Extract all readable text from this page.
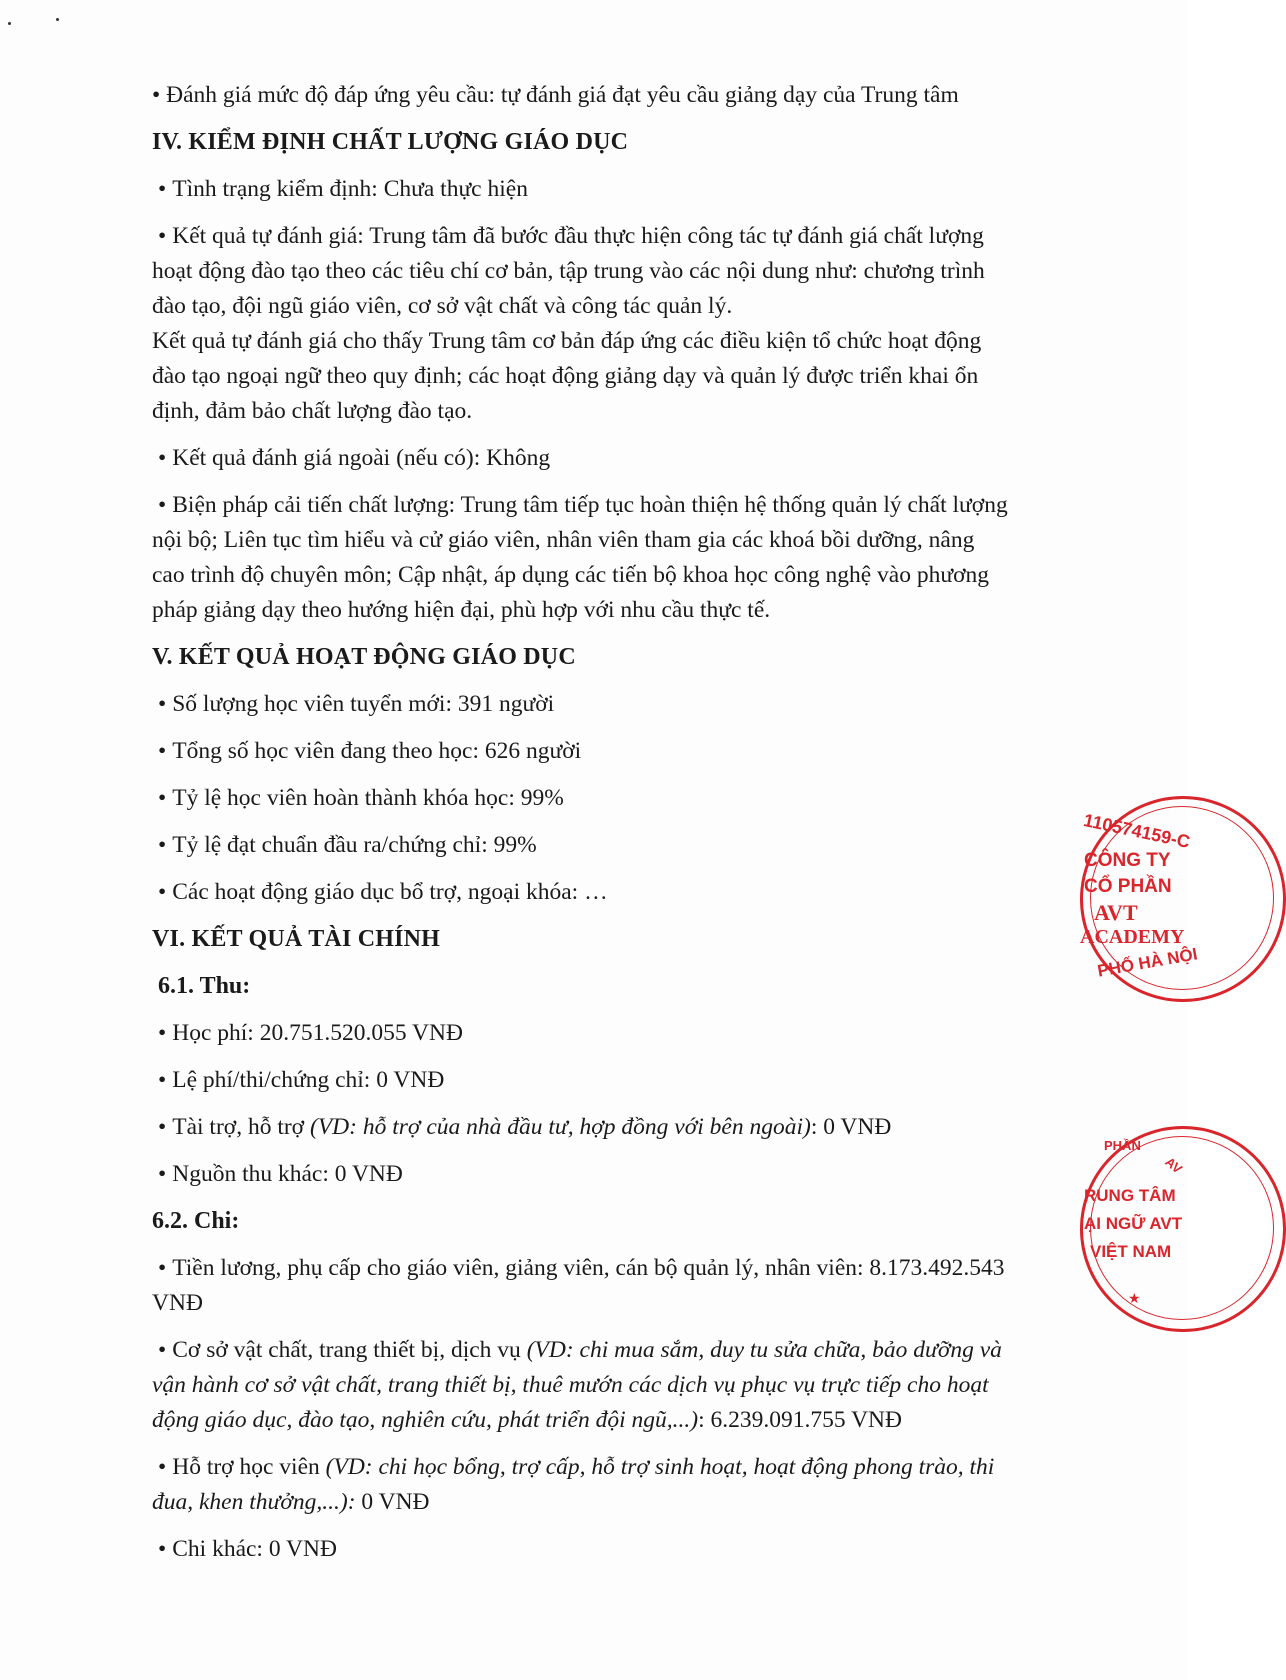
• Đánh giá mức độ đáp ứng yêu cầu: tự đánh giá đạt yêu cầu giảng dạy của Trung tâm
IV. KIỂM ĐỊNH CHẤT LƯỢNG GIÁO DỤC
• Tình trạng kiểm định: Chưa thực hiện
• Kết quả tự đánh giá: Trung tâm đã bước đầu thực hiện công tác tự đánh giá chất lượng
hoạt động đào tạo theo các tiêu chí cơ bản, tập trung vào các nội dung như: chương trình
đào tạo, đội ngũ giáo viên, cơ sở vật chất và công tác quản lý.
Kết quả tự đánh giá cho thấy Trung tâm cơ bản đáp ứng các điều kiện tổ chức hoạt động
đào tạo ngoại ngữ theo quy định; các hoạt động giảng dạy và quản lý được triển khai ổn
định, đảm bảo chất lượng đào tạo.
• Kết quả đánh giá ngoài (nếu có): Không
• Biện pháp cải tiến chất lượng: Trung tâm tiếp tục hoàn thiện hệ thống quản lý chất lượng
nội bộ; Liên tục tìm hiểu và cử giáo viên, nhân viên tham gia các khoá bồi dưỡng, nâng
cao trình độ chuyên môn; Cập nhật, áp dụng các tiến bộ khoa học công nghệ vào phương
pháp giảng dạy theo hướng hiện đại, phù hợp với nhu cầu thực tế.
V. KẾT QUẢ HOẠT ĐỘNG GIÁO DỤC
• Số lượng học viên tuyển mới: 391 người
• Tổng số học viên đang theo học: 626 người
• Tỷ lệ học viên hoàn thành khóa học: 99%
• Tỷ lệ đạt chuẩn đầu ra/chứng chỉ: 99%
• Các hoạt động giáo dục bổ trợ, ngoại khóa: …
VI. KẾT QUẢ TÀI CHÍNH
6.1. Thu:
• Học phí: 20.751.520.055 VNĐ
• Lệ phí/thi/chứng chỉ: 0 VNĐ
• Tài trợ, hỗ trợ (VD: hỗ trợ của nhà đầu tư, hợp đồng với bên ngoài): 0 VNĐ
• Nguồn thu khác: 0 VNĐ
6.2. Chi:
• Tiền lương, phụ cấp cho giáo viên, giảng viên, cán bộ quản lý, nhân viên: 8.173.492.543
VNĐ
• Cơ sở vật chất, trang thiết bị, dịch vụ (VD: chi mua sắm, duy tu sửa chữa, bảo dưỡng và
vận hành cơ sở vật chất, trang thiết bị, thuê mướn các dịch vụ phục vụ trực tiếp cho hoạt
động giáo dục, đào tạo, nghiên cứu, phát triển đội ngũ,...): 6.239.091.755 VNĐ
• Hỗ trợ học viên (VD: chi học bổng, trợ cấp, hỗ trợ sinh hoạt, hoạt động phong trào, thi
đua, khen thưởng,...): 0 VNĐ
• Chi khác: 0 VNĐ
110574159-C
CÔNG TY
CỔ PHẦN
AVT
ACADEMY
PHỐ HÀ NỘI
PHẦN
AV
RUNG TÂM
ẠI NGỮ AVT
VIỆT NAM
★
